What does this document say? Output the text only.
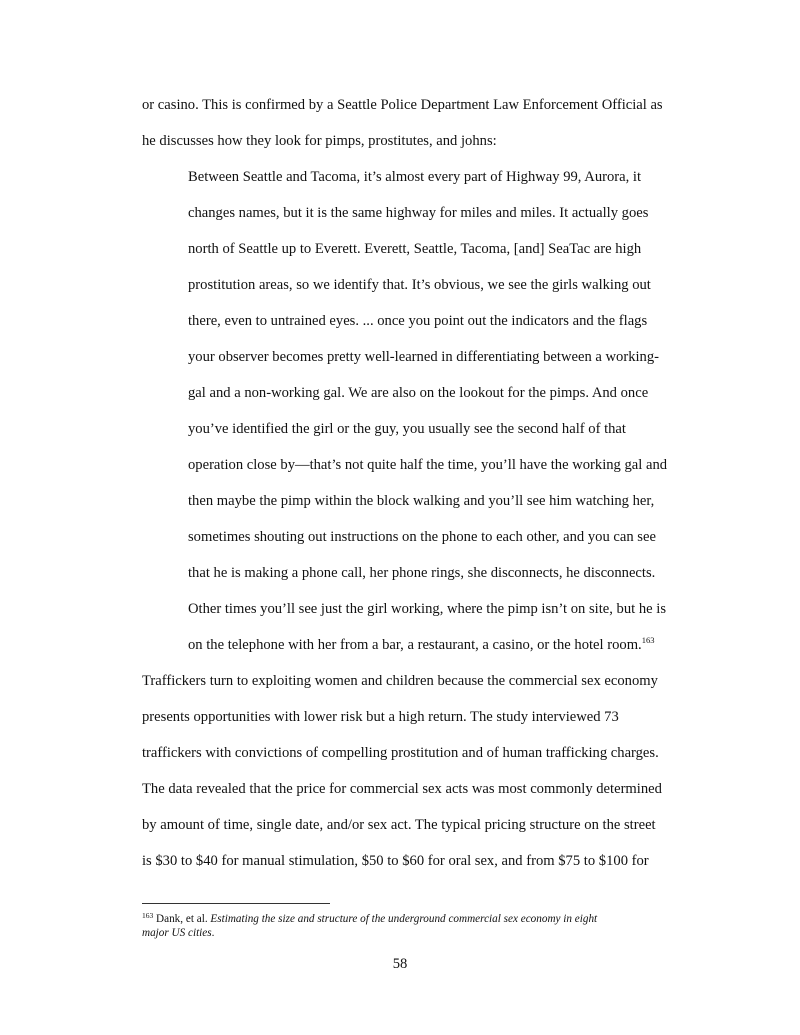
or casino. This is confirmed by a Seattle Police Department Law Enforcement Official as
he discusses how they look for pimps, prostitutes, and johns:
Between Seattle and Tacoma, it’s almost every part of Highway 99, Aurora, it
changes names, but it is the same highway for miles and miles. It actually goes
north of Seattle up to Everett. Everett, Seattle, Tacoma, [and] SeaTac are high
prostitution areas, so we identify that. It’s obvious, we see the girls walking out
there, even to untrained eyes. ... once you point out the indicators and the flags
your observer becomes pretty well-learned in differentiating between a working-
gal and a non-working gal. We are also on the lookout for the pimps. And once
you’ve identified the girl or the guy, you usually see the second half of that
operation close by—that’s not quite half the time, you’ll have the working gal and
then maybe the pimp within the block walking and you’ll see him watching her,
sometimes shouting out instructions on the phone to each other, and you can see
that he is making a phone call, her phone rings, she disconnects, he disconnects.
Other times you’ll see just the girl working, where the pimp isn’t on site, but he is
on the telephone with her from a bar, a restaurant, a casino, or the hotel room.$^{163}$
Traffickers turn to exploiting women and children because the commercial sex economy
presents opportunities with lower risk but a high return. The study interviewed 73
traffickers with convictions of compelling prostitution and of human trafficking charges.
The data revealed that the price for commercial sex acts was most commonly determined
by amount of time, single date, and/or sex act. The typical pricing structure on the street
is $30 to $40 for manual stimulation, $50 to $60 for oral sex, and from $75 to $100 for
$^{163}$ Dank, et al. Estimating the size and structure of the underground commercial sex economy in eight
major US cities.
58
